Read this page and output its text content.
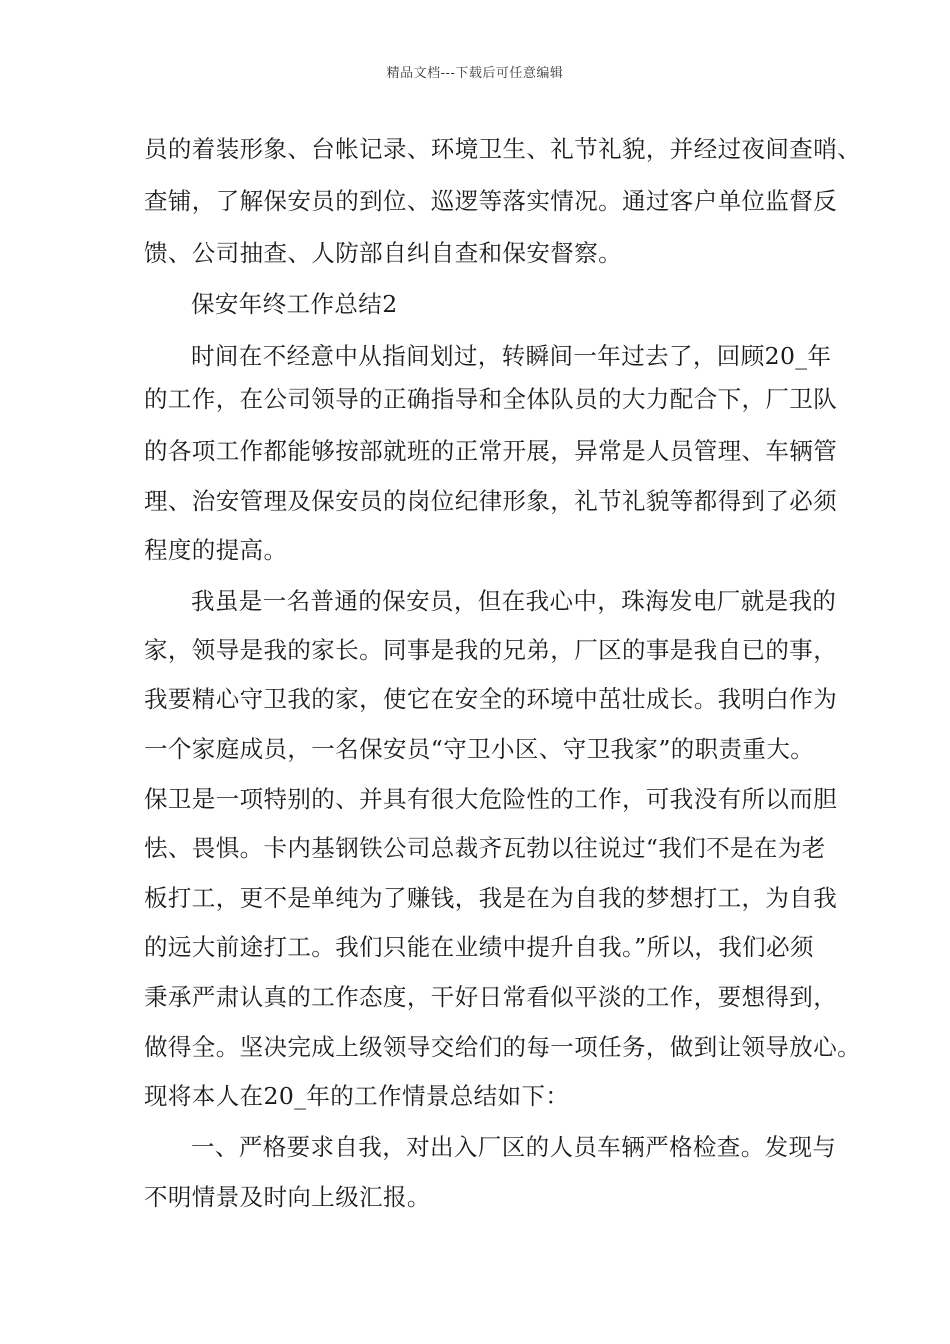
精品文档---下载后可任意编辑
员的着装形象、台帐记录、环境卫生、礼节礼貌，并经过夜间查哨、
查铺，了解保安员的到位、巡逻等落实情况。通过客户单位监督反
馈、公司抽查、人防部自纠自查和保安督察。
保安年终工作总结2
时间在不经意中从指间划过，转瞬间一年过去了，回顾20_年
的工作，在公司领导的正确指导和全体队员的大力配合下，厂卫队
的各项工作都能够按部就班的正常开展，异常是人员管理、车辆管
理、治安管理及保安员的岗位纪律形象，礼节礼貌等都得到了必须
程度的提高。
我虽是一名普通的保安员，但在我心中，珠海发电厂就是我的
家，领导是我的家长。同事是我的兄弟，厂区的事是我自已的事，
我要精心守卫我的家，使它在安全的环境中茁壮成长。我明白作为
一个家庭成员，一名保安员“守卫小区、守卫我家”的职责重大。
保卫是一项特别的、并具有很大危险性的工作，可我没有所以而胆
怯、畏惧。卡内基钢铁公司总裁齐瓦勃以往说过“我们不是在为老
板打工，更不是单纯为了赚钱，我是在为自我的梦想打工，为自我
的远大前途打工。我们只能在业绩中提升自我。”所以，我们必须
秉承严肃认真的工作态度，干好日常看似平淡的工作，要想得到，
做得全。坚决完成上级领导交给们的每一项任务，做到让领导放心。
现将本人在20_年的工作情景总结如下：
一、严格要求自我，对出入厂区的人员车辆严格检查。发现与
不明情景及时向上级汇报。
